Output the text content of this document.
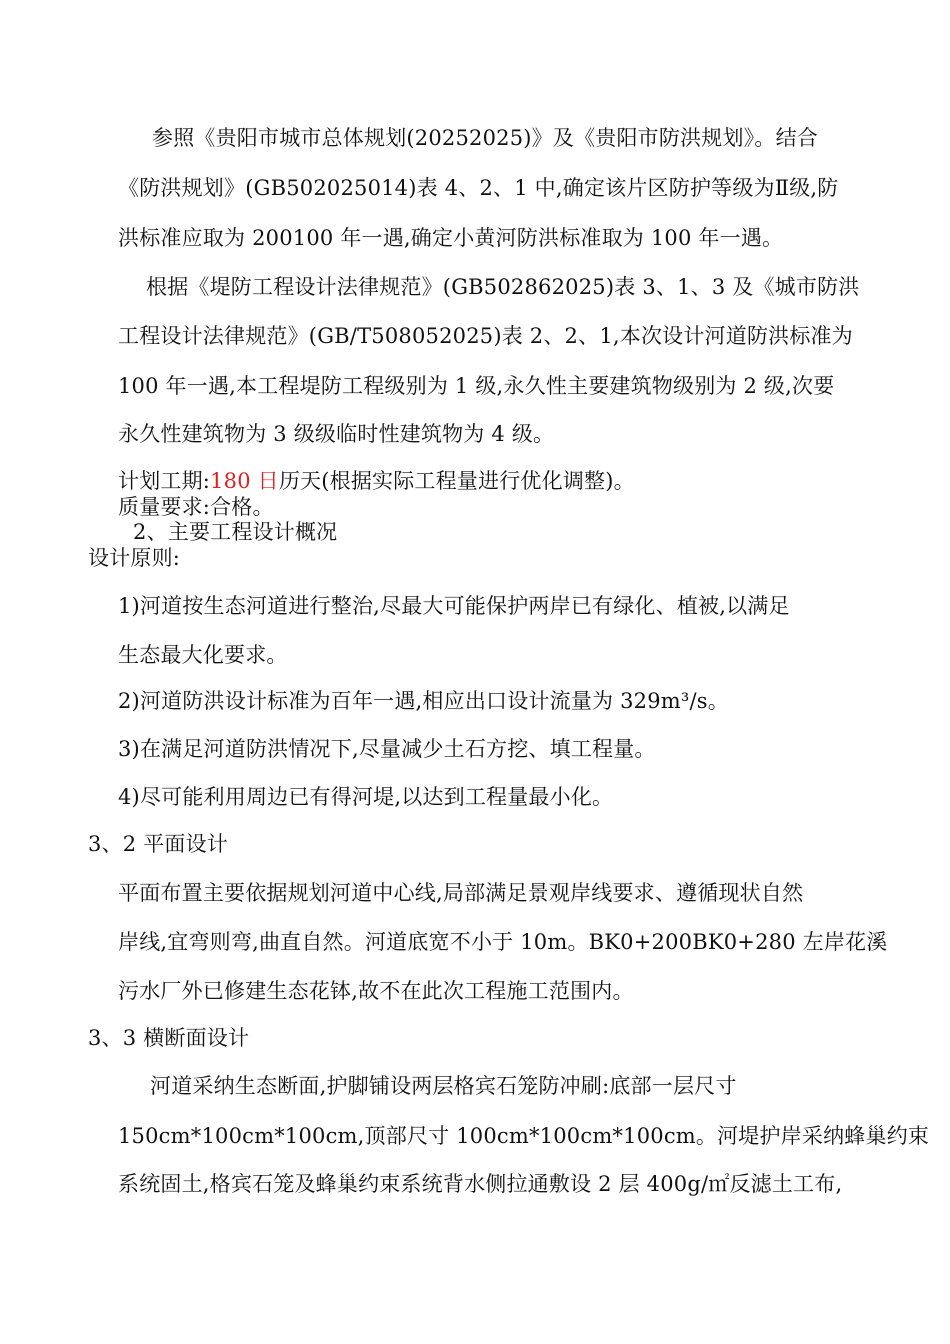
参照《贵阳市城市总体规划(20252025)》及《贵阳市防洪规划》。结合
《防洪规划》(GB502025014)表 4、2、1 中,确定该片区防护等级为Ⅱ级,防
洪标准应取为 200100 年一遇,确定小黄河防洪标准取为 100 年一遇。
根据《堤防工程设计法律规范》(GB502862025)表 3、1、3 及《城市防洪
工程设计法律规范》(GB/T508052025)表 2、2、1,本次设计河道防洪标准为
100 年一遇,本工程堤防工程级别为 1 级,永久性主要建筑物级别为 2 级,次要
永久性建筑物为 3 级级临时性建筑物为 4 级。
计划工期:180 日历天(根据实际工程量进行优化调整)。
质量要求:合格。
2、主要工程设计概况
设计原则:
1)河道按生态河道进行整治,尽最大可能保护两岸已有绿化、植被,以满足
生态最大化要求。
2)河道防洪设计标准为百年一遇,相应出口设计流量为 329m³/s。
3)在满足河道防洪情况下,尽量减少土石方挖、填工程量。
4)尽可能利用周边已有得河堤,以达到工程量最小化。
3、2 平面设计
平面布置主要依据规划河道中心线,局部满足景观岸线要求、遵循现状自然
岸线,宜弯则弯,曲直自然。河道底宽不小于 10m。BK0+200BK0+280 左岸花溪
污水厂外已修建生态花钵,故不在此次工程施工范围内。
3、3 横断面设计
河道采纳生态断面,护脚铺设两层格宾石笼防冲刷:底部一层尺寸
150cm*100cm*100cm,顶部尺寸 100cm*100cm*100cm。河堤护岸采纳蜂巢约束
系统固土,格宾石笼及蜂巢约束系统背水侧拉通敷设 2 层 400g/㎡反滤土工布,
